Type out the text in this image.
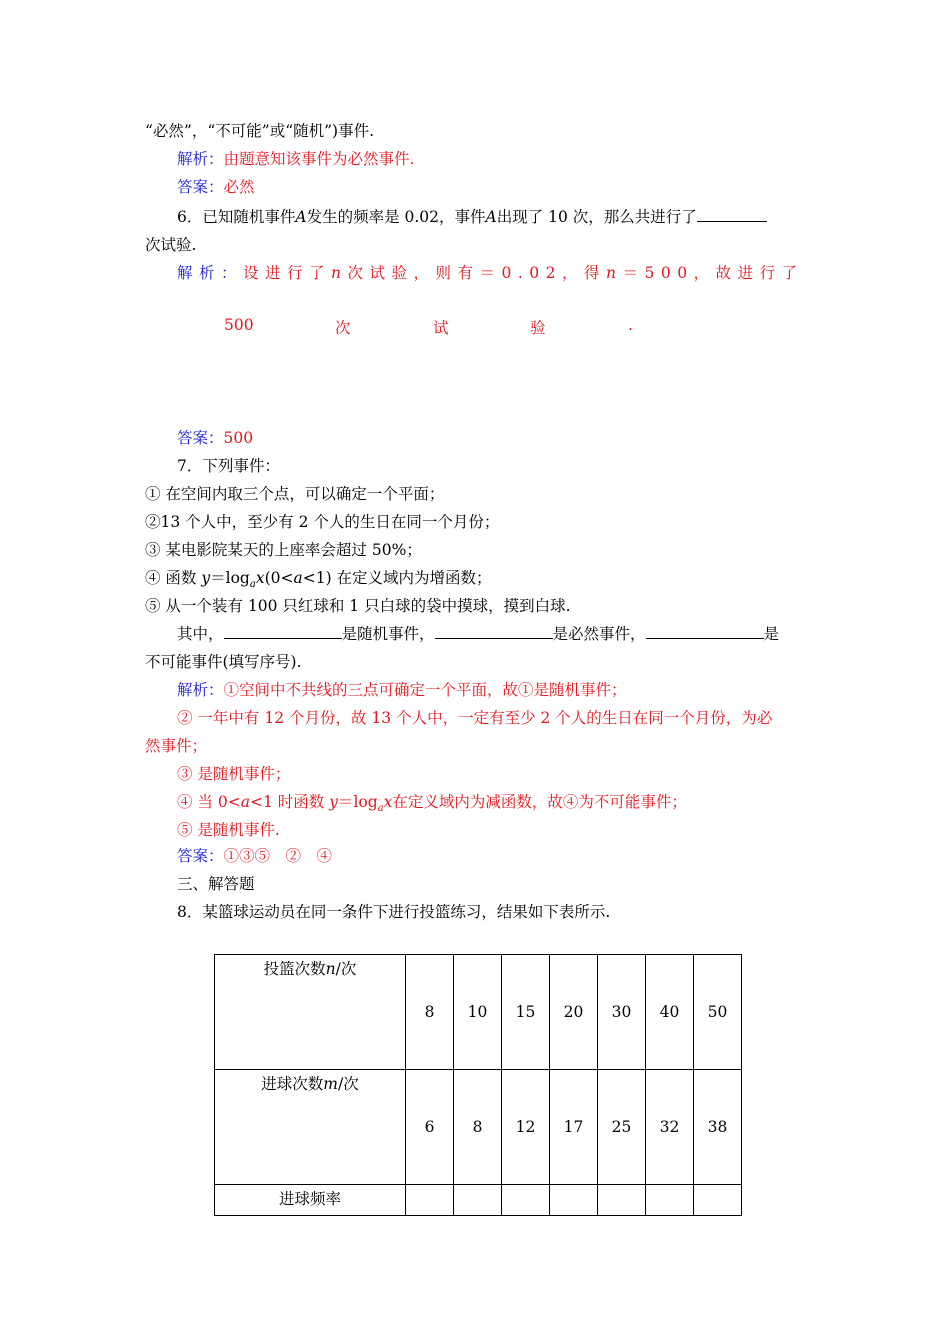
“必然”，“不可能”或“随机”)事件.
解析：由题意知该事件为必然事件.
答案：必然
6．已知随机事件A发生的频率是 0.02，事件A出现了 10 次，那么共进行了
次试验.
解析：设进行了n次试验，则有＝0.02，得n＝500，故进行了
500	次	试	验	.
答案：500
7．下列事件：
① 在空间内取三个点，可以确定一个平面；
②13 个人中，至少有 2 个人的生日在同一个月份；
③ 某电影院某天的上座率会超过 50%；
④ 函数 $y=\log_ax(0<a<1)$ 在定义域内为增函数；
⑤ 从一个装有 100 只红球和 1 只白球的袋中摸球，摸到白球.
其中，	是随机事件，	是必然事件，	是
不可能事件(填写序号).
解析：①空间中不共线的三点可确定一个平面，故①是随机事件；
② 一年中有 12 个月份，故 13 个人中，一定有至少 2 个人的生日在同一个月份，为必
然事件；
③ 是随机事件；
④ 当 0<a<1 时函数 $y=\log_ax$在定义域内为减函数，故④为不可能事件；
⑤ 是随机事件.
答案：①③⑤　②　④
三、解答题
8．某篮球运动员在同一条件下进行投篮练习，结果如下表所示.
投篮次数n/次	8	10	15	20	30	40	50
进球次数m/次	6	8	12	17	25	32	38
进球频率							
